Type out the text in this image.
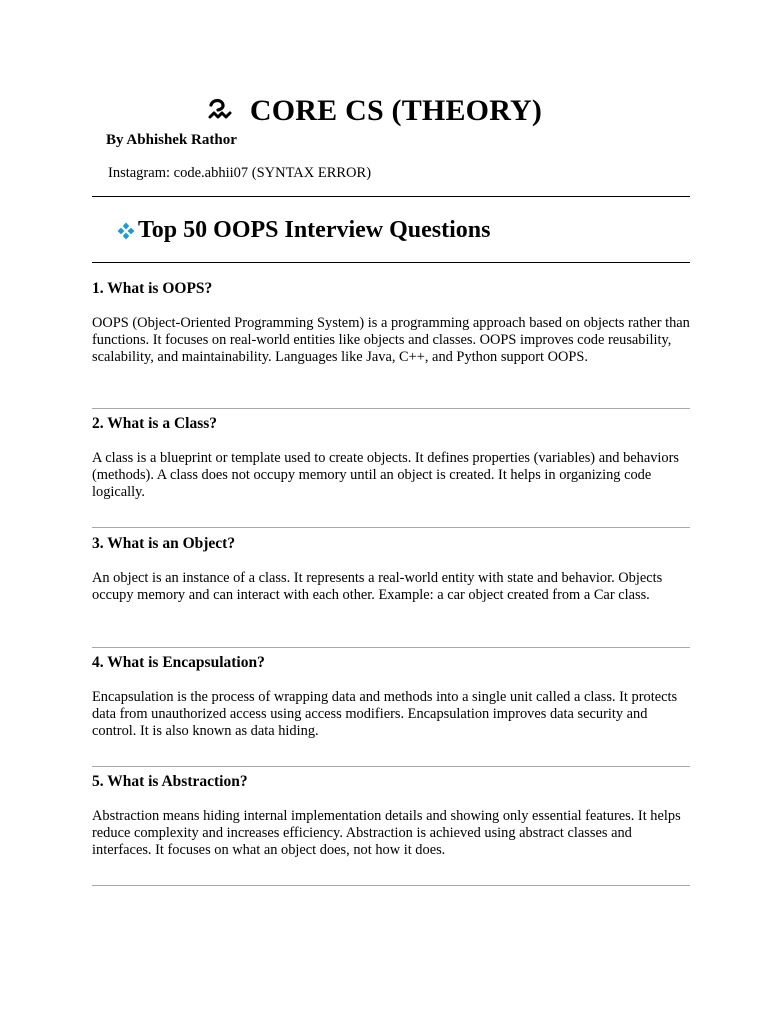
CORE CS (THEORY)
By Abhishek Rathor
Instagram: code.abhii07 (SYNTAX ERROR)
Top 50 OOPS Interview Questions
1. What is OOPS?

OOPS (Object-Oriented Programming System) is a programming approach based on objects rather than functions. It focuses on real-world entities like objects and classes. OOPS improves code reusability, scalability, and maintainability. Languages like Java, C++, and Python support OOPS.

2. What is a Class?

A class is a blueprint or template used to create objects. It defines properties (variables) and behaviors (methods). A class does not occupy memory until an object is created. It helps in organizing code logically.

3. What is an Object?

An object is an instance of a class. It represents a real-world entity with state and behavior. Objects occupy memory and can interact with each other. Example: a car object created from a Car class.

4. What is Encapsulation?

Encapsulation is the process of wrapping data and methods into a single unit called a class. It protects data from unauthorized access using access modifiers. Encapsulation improves data security and control. It is also known as data hiding.

5. What is Abstraction?

Abstraction means hiding internal implementation details and showing only essential features. It helps reduce complexity and increases efficiency. Abstraction is achieved using abstract classes and interfaces. It focuses on what an object does, not how it does.
